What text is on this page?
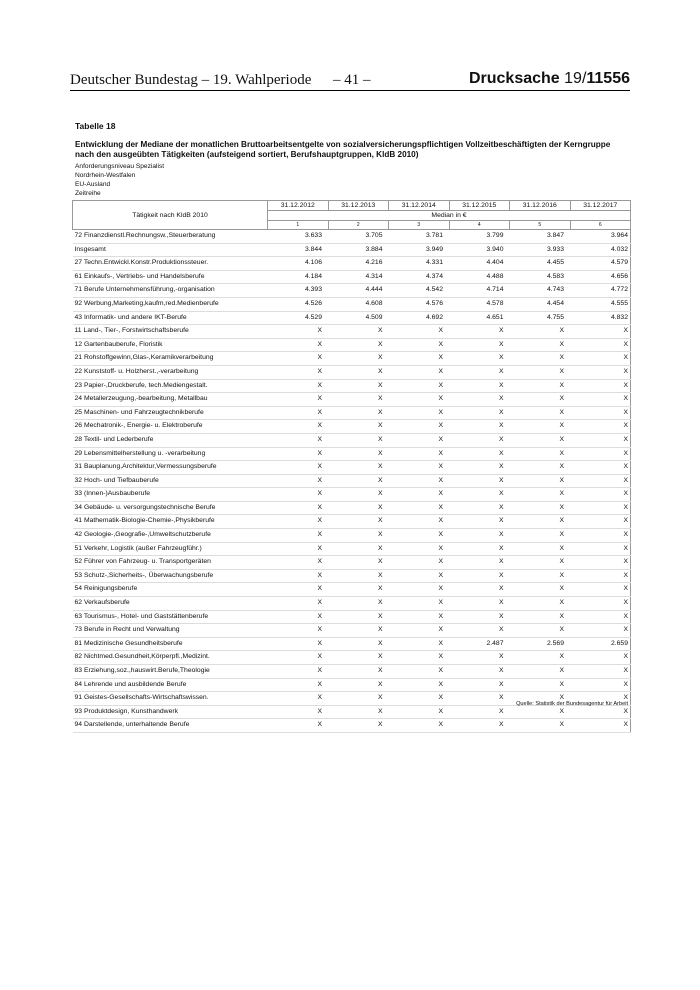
Deutscher Bundestag – 19. Wahlperiode – 41 –	Drucksache 19/11556
Tabelle 18
Entwicklung der Mediane der monatlichen Bruttoarbeitsentgelte von sozialversicherungspflichtigen Vollzeitbeschäftigten der Kerngruppe nach den ausgeübten Tätigkeiten (aufsteigend sortiert, Berufshauptgruppen, KldB 2010)
Anforderungsniveau Spezialist
Nordrhein-Westfalen
EU-Ausland
Zeitreihe
Tätigkeit nach KldB 2010	31.12.2012	31.12.2013	31.12.2014	31.12.2015	31.12.2016	31.12.2017
	Median in €					
	1	2	3	4	5	6
72 Finanzdienstl.Rechnungsw.,Steuerberatung	3.633	3.705	3.781	3.799	3.847	3.964
Insgesamt	3.844	3.884	3.949	3.940	3.933	4.032
27 Techn.Entwickl.Konstr.Produktionssteuer.	4.106	4.216	4.331	4.404	4.455	4.579
61 Einkaufs-, Vertriebs- und Handelsberufe	4.184	4.314	4.374	4.488	4.583	4.656
71 Berufe Unternehmensführung,-organisation	4.393	4.444	4.542	4.714	4.743	4.772
92 Werbung,Marketing,kaufm,red.Medienberufe	4.526	4.608	4.576	4.578	4.454	4.555
43 Informatik- und andere IKT-Berufe	4.529	4.509	4.692	4.651	4.755	4.832
11 Land-, Tier-, Forstwirtschaftsberufe	X	X	X	X	X	X
12 Gartenbauberufe, Floristik	X	X	X	X	X	X
21 Rohstoffgewinn,Glas-,Keramikverarbeitung	X	X	X	X	X	X
22 Kunststoff- u. Holzherst.,-verarbeitung	X	X	X	X	X	X
23 Papier-,Druckberufe, tech.Mediengestalt.	X	X	X	X	X	X
24 Metallerzeugung,-bearbeitung, Metallbau	X	X	X	X	X	X
25 Maschinen- und Fahrzeugtechnikberufe	X	X	X	X	X	X
26 Mechatronik-, Energie- u. Elektroberufe	X	X	X	X	X	X
28 Textil- und Lederberufe	X	X	X	X	X	X
29 Lebensmittelherstellung u. -verarbeitung	X	X	X	X	X	X
31 Bauplanung,Architektur,Vermessungsberufe	X	X	X	X	X	X
32 Hoch- und Tiefbauberufe	X	X	X	X	X	X
33 (Innen-)Ausbauberufe	X	X	X	X	X	X
34 Gebäude- u. versorgungstechnische Berufe	X	X	X	X	X	X
41 Mathematik-Biologie-Chemie-,Physikberufe	X	X	X	X	X	X
42 Geologie-,Geografie-,Umweltschutzberufe	X	X	X	X	X	X
51 Verkehr, Logistik (außer Fahrzeugführ.)	X	X	X	X	X	X
52 Führer von Fahrzeug- u. Transportgeräten	X	X	X	X	X	X
53 Schutz-,Sicherheits-, Überwachungsberufe	X	X	X	X	X	X
54 Reinigungsberufe	X	X	X	X	X	X
62 Verkaufsberufe	X	X	X	X	X	X
63 Tourismus-, Hotel- und Gaststättenberufe	X	X	X	X	X	X
73 Berufe in Recht und Verwaltung	X	X	X	X	X	X
81 Medizinische Gesundheitsberufe	X	X	X	2.487	2.569	2.659
82 Nichtmed.Gesundheit,Körperpfl.,Medizint.	X	X	X	X	X	X
83 Erziehung,soz.,hauswirt.Berufe,Theologie	X	X	X	X	X	X
84 Lehrende und ausbildende Berufe	X	X	X	X	X	X
91 Geistes-Gesellschafts-Wirtschaftswissen.	X	X	X	X	X	X
93 Produktdesign, Kunsthandwerk	X	X	X	X	X	X
94 Darstellende, unterhaltende Berufe	X	X	X	X	X	X
Quelle: Statistik der Bundesagentur für Arbeit
